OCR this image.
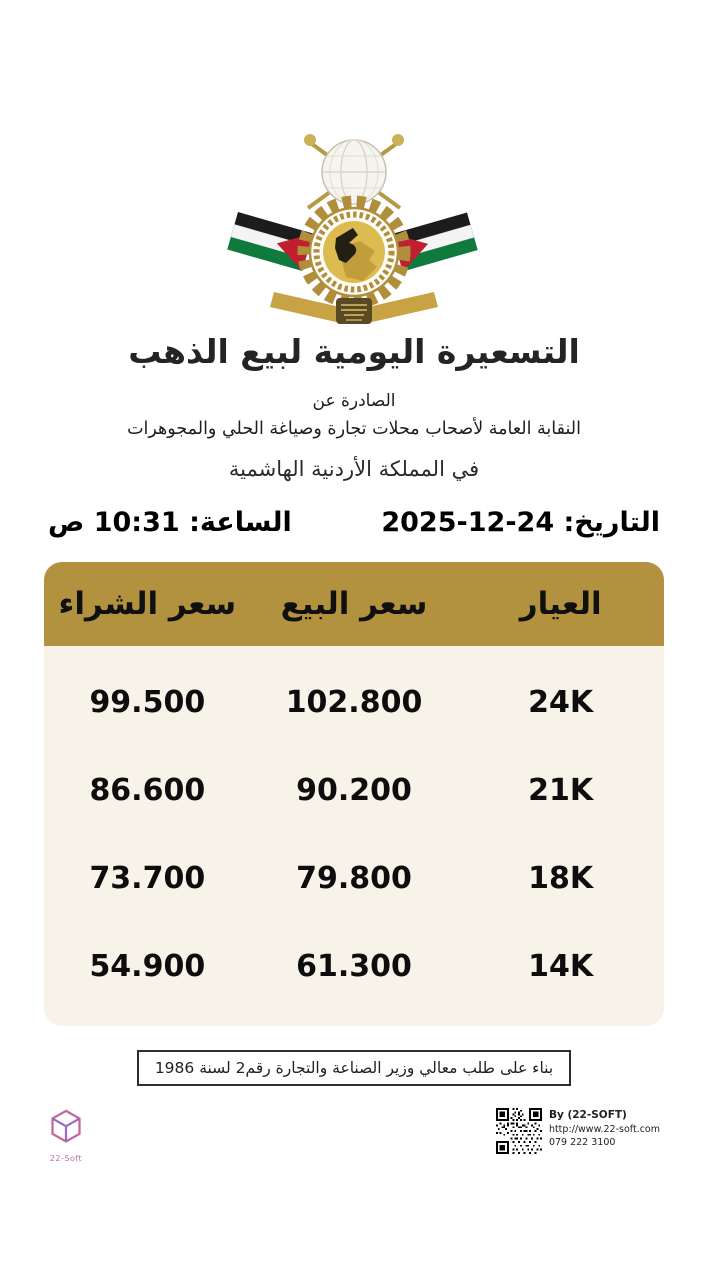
التسعيرة اليومية لبيع الذهب
الصادرة عن
النقابة العامة لأصحاب محلات تجارة وصياغة الحلي والمجوهرات
في المملكة الأردنية الهاشمية
التاريخ: 24-12-2025
الساعة: 10:31 ص
العيار
سعر البيع
سعر الشراء
24K
102.800
99.500
21K
90.200
86.600
18K
79.800
73.700
14K
61.300
54.900
بناء على طلب معالي وزير الصناعة والتجارة رقم2 لسنة 1986
22-Soft
By (22-SOFT)
http://www.22-soft.com
079 222 3100
